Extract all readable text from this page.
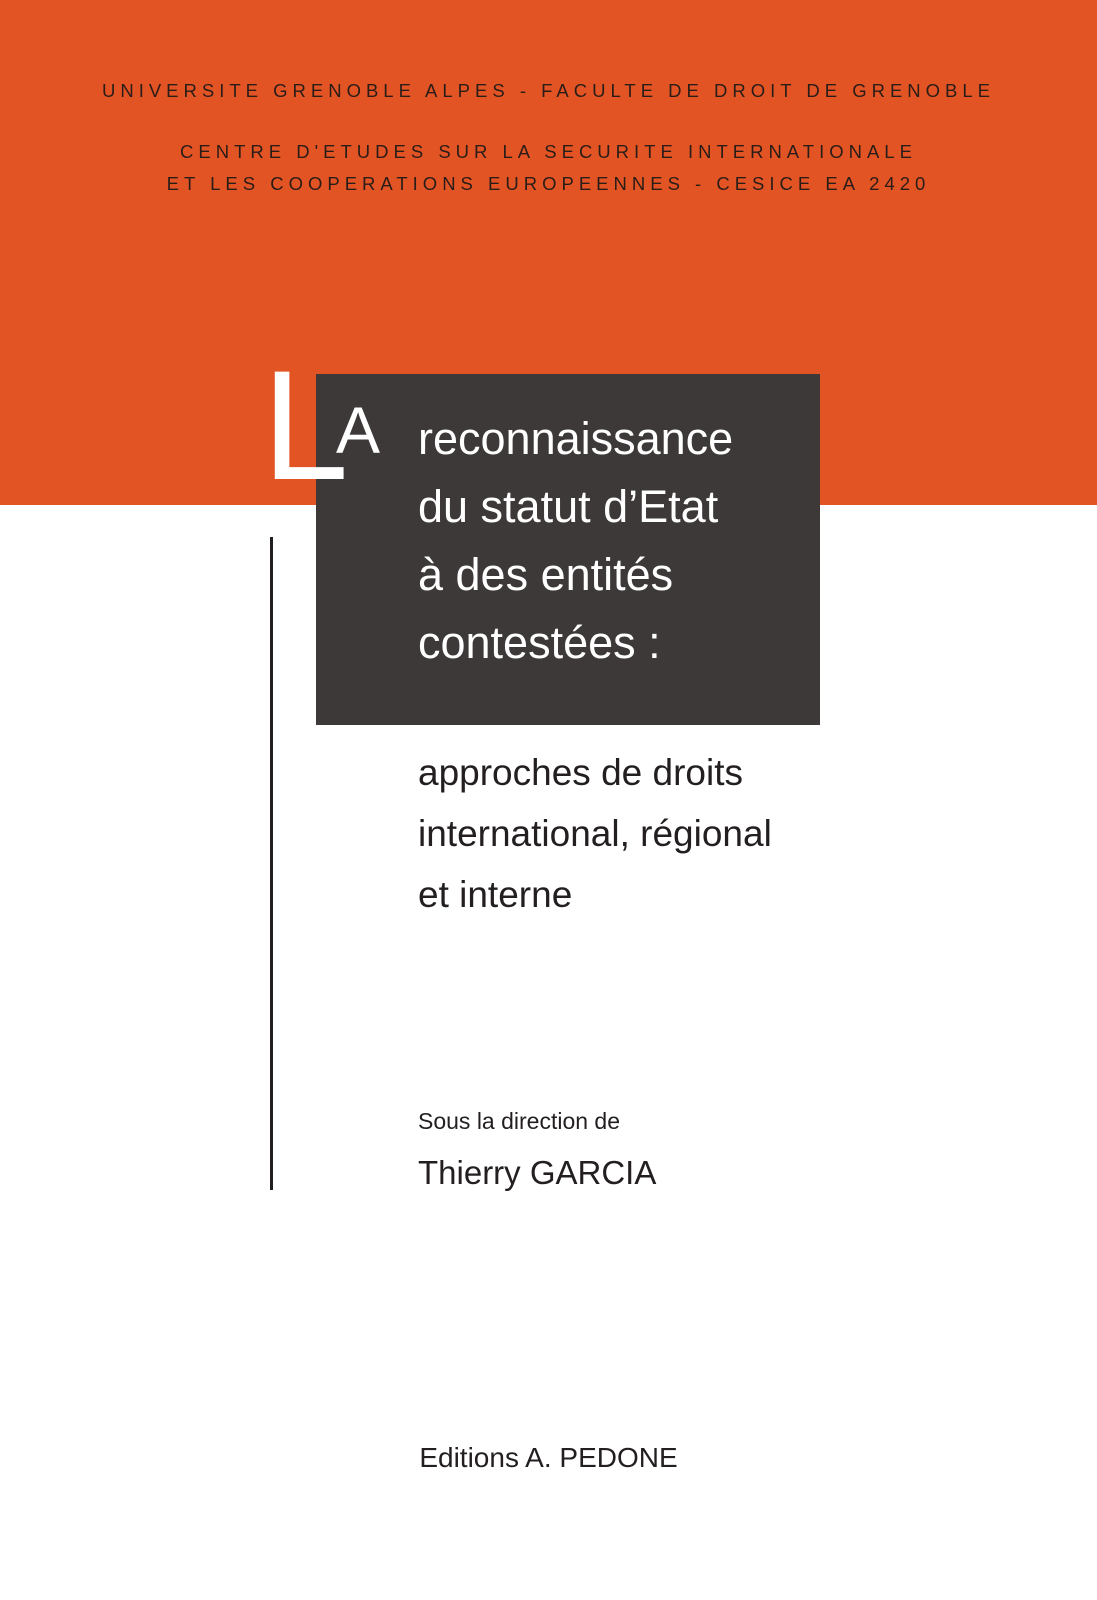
UNIVERSITE GRENOBLE ALPES - FACULTE DE DROIT DE GRENOBLE
CENTRE D'ETUDES SUR LA SECURITE INTERNATIONALE
ET LES COOPERATIONS EUROPEENNES - CESICE EA 2420
L
A reconnaissance
du statut d’Etat
à des entités
contestées :
approches de droits
international, régional
et interne
Sous la direction de
Thierry GARCIA
Editions A. PEDONE
